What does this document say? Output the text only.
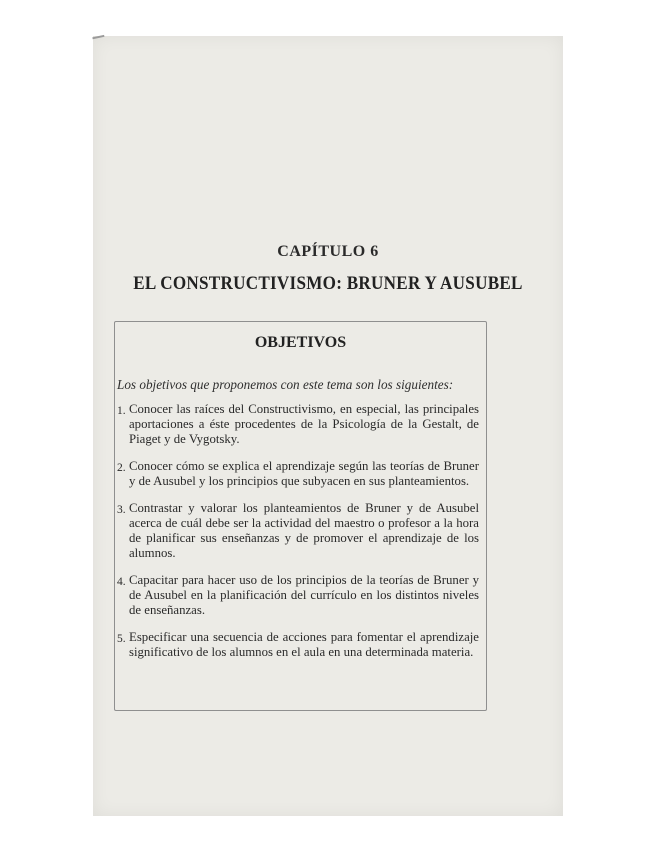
CAPÍTULO 6
EL CONSTRUCTIVISMO: BRUNER Y AUSUBEL
OBJETIVOS
Los objetivos que proponemos con este tema son los siguientes:
1. Conocer las raíces del Constructivismo, en especial, las principales aportaciones a éste procedentes de la Psicología de la Gestalt, de Piaget y de Vygotsky.
2. Conocer cómo se explica el aprendizaje según las teorías de Bruner y de Ausubel y los principios que subyacen en sus planteamientos.
3. Contrastar y valorar los planteamientos de Bruner y de Ausubel acerca de cuál debe ser la actividad del maestro o profesor a la hora de planificar sus enseñanzas y de promover el aprendizaje de los alumnos.
4. Capacitar para hacer uso de los principios de la teorías de Bruner y de Ausubel en la planificación del currículo en los distintos niveles de enseñanzas.
5. Especificar una secuencia de acciones para fomentar el aprendizaje significativo de los alumnos en el aula en una determinada materia.
